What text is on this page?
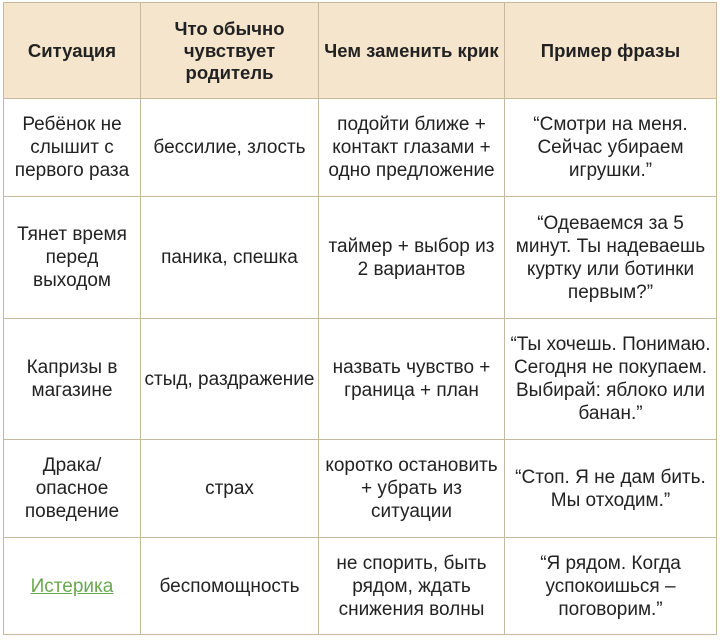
Ситуация	Что обычно чувствует родитель	Чем заменить крик	Пример фразы
Ребёнок не слышит с первого раза	бессилие, злость	подойти ближе + контакт глазами + одно предложение	“Смотри на меня. Сейчас убираем игрушки.”
Тянет время перед выходом	паника, спешка	таймер + выбор из 2 вариантов	“Одеваемся за 5 минут. Ты надеваешь куртку или ботинки первым?”
Капризы в магазине	стыд, раздражение	назвать чувство + граница + план	“Ты хочешь. Понимаю. Сегодня не покупаем. Выбирай: яблоко или банан.”
Драка/ опасное поведение	страх	коротко остановить + убрать из ситуации	“Стоп. Я не дам бить. Мы отходим.”
Истерика	беспомощность	не спорить, быть рядом, ждать снижения волны	“Я рядом. Когда успокоишься – поговорим.”
